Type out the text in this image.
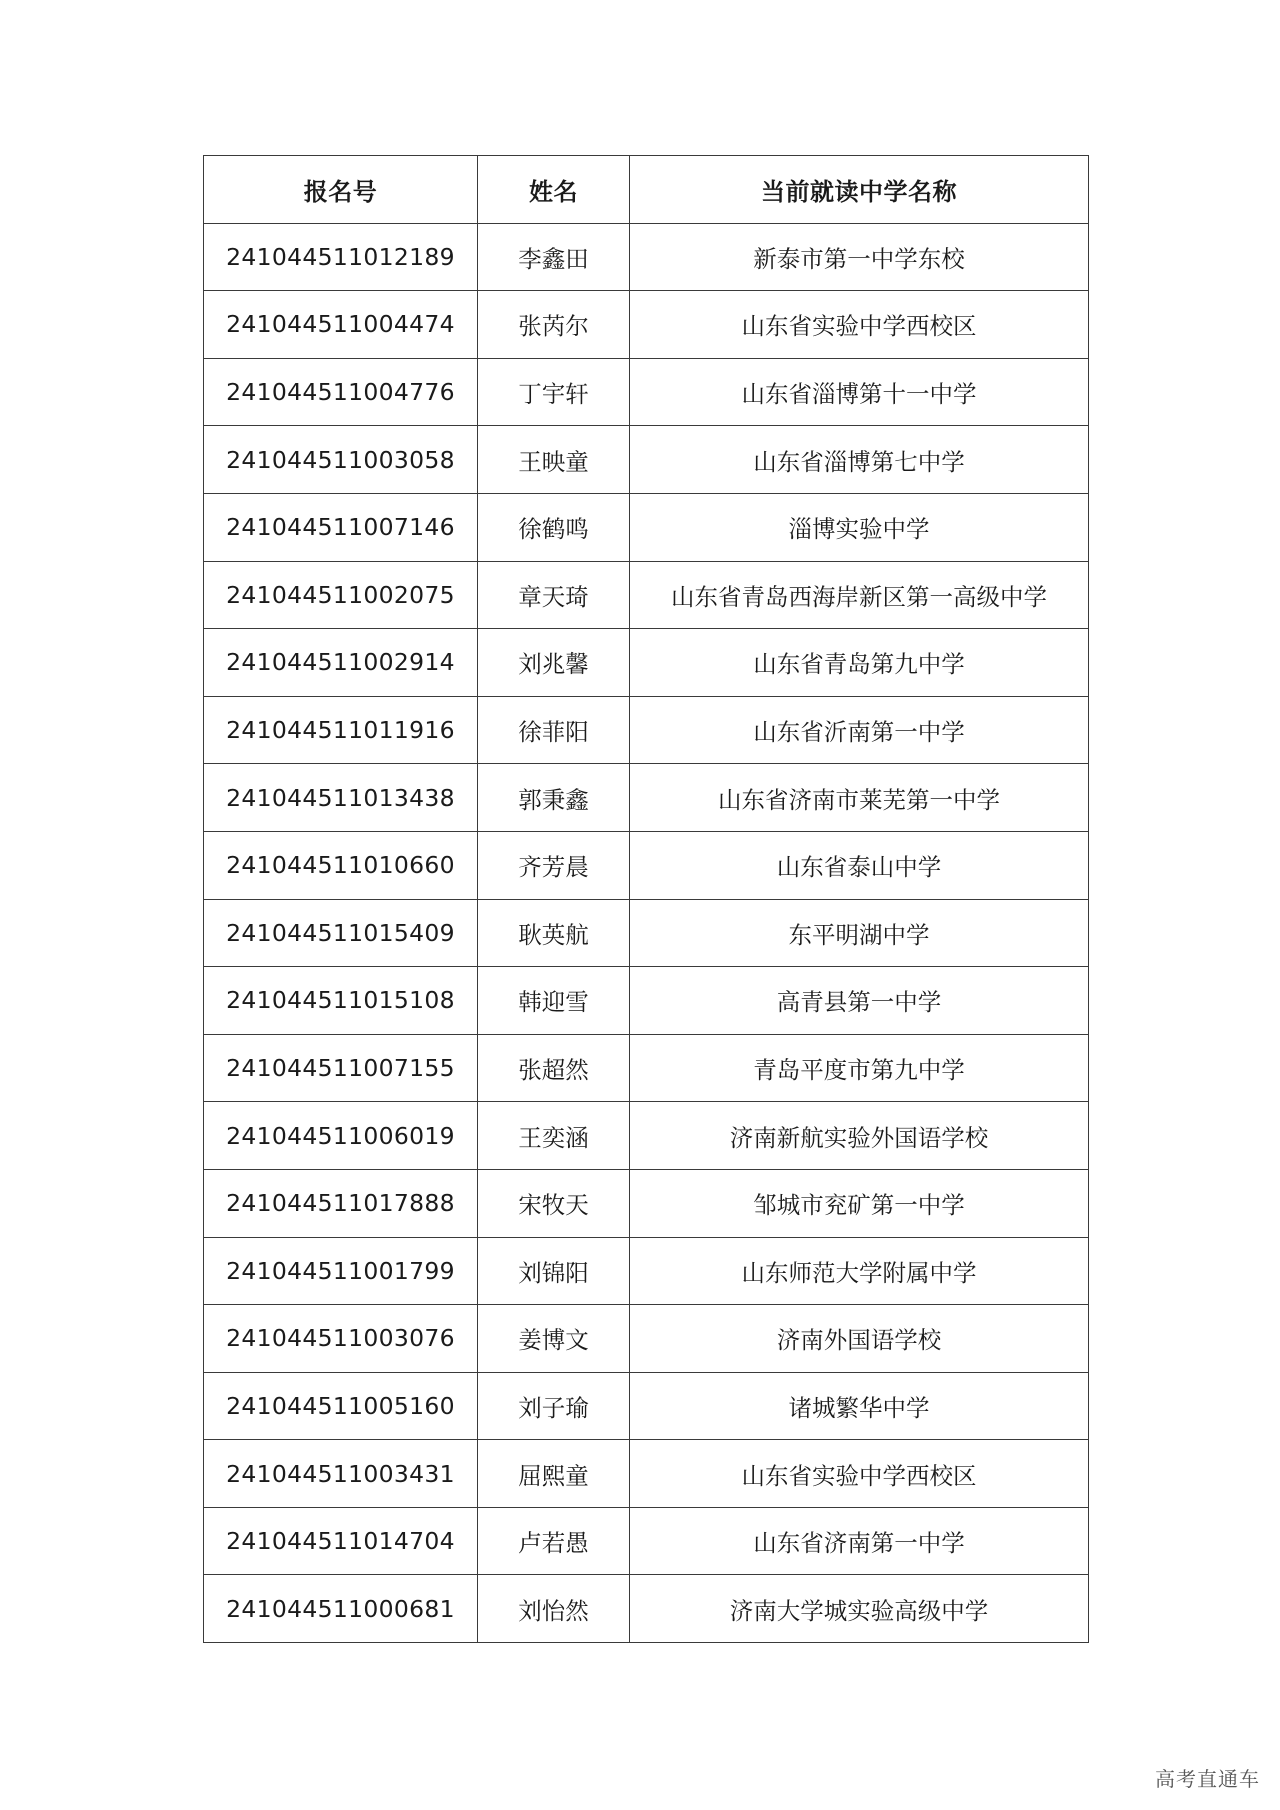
报名号	姓名	当前就读中学名称
241044511012189	李鑫田	新泰市第一中学东校
241044511004474	张芮尔	山东省实验中学西校区
241044511004776	丁宇轩	山东省淄博第十一中学
241044511003058	王映童	山东省淄博第七中学
241044511007146	徐鹤鸣	淄博实验中学
241044511002075	章天琦	山东省青岛西海岸新区第一高级中学
241044511002914	刘兆馨	山东省青岛第九中学
241044511011916	徐菲阳	山东省沂南第一中学
241044511013438	郭秉鑫	山东省济南市莱芜第一中学
241044511010660	齐芳晨	山东省泰山中学
241044511015409	耿英航	东平明湖中学
241044511015108	韩迎雪	高青县第一中学
241044511007155	张超然	青岛平度市第九中学
241044511006019	王奕涵	济南新航实验外国语学校
241044511017888	宋牧天	邹城市兖矿第一中学
241044511001799	刘锦阳	山东师范大学附属中学
241044511003076	姜博文	济南外国语学校
241044511005160	刘子瑜	诸城繁华中学
241044511003431	屈熙童	山东省实验中学西校区
241044511014704	卢若愚	山东省济南第一中学
241044511000681	刘怡然	济南大学城实验高级中学
高考直通车
